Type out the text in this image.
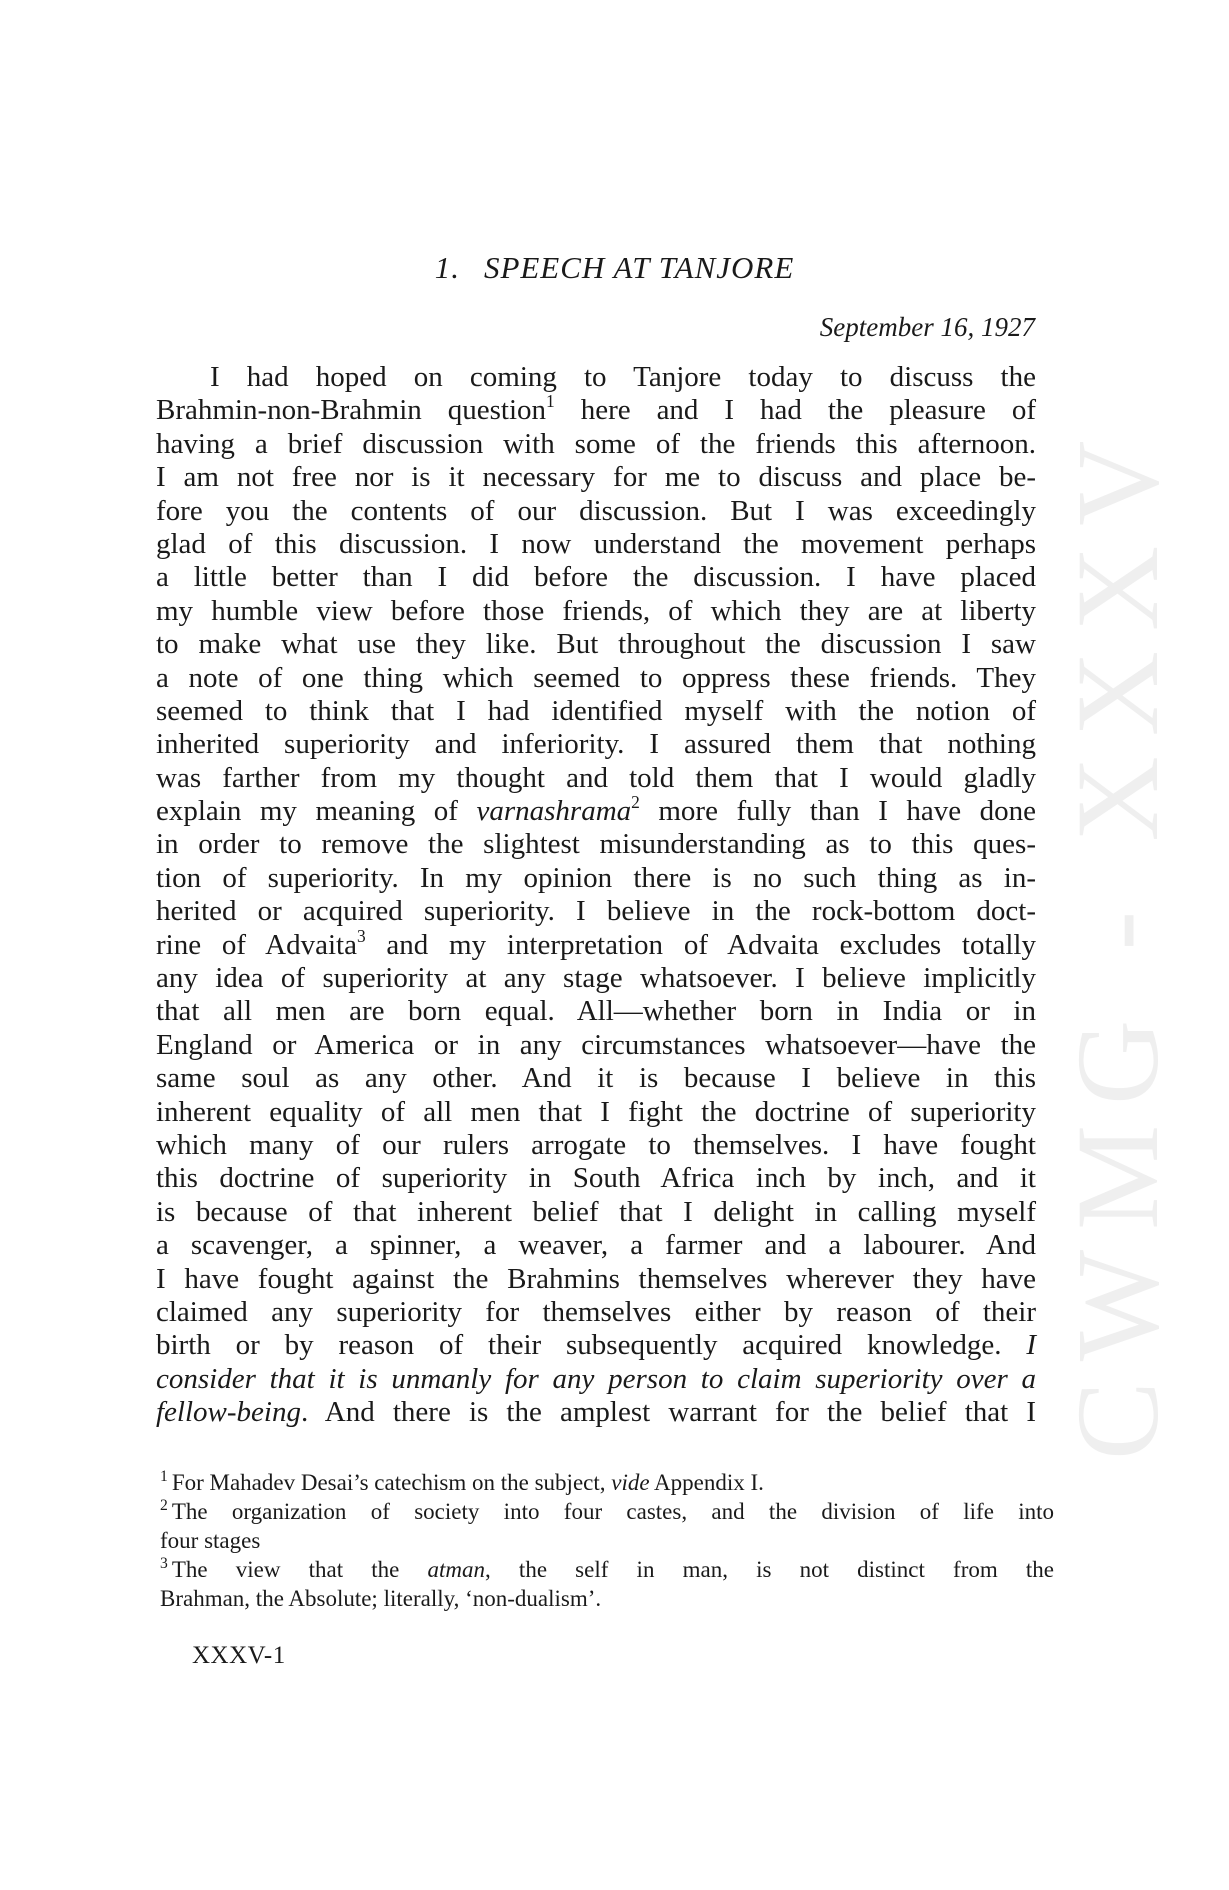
CWMG - XXXV
1. SPEECH AT TANJORE
September 16, 1927
I had hoped on coming to Tanjore today to discuss the
Brahmin-non-Brahmin question$^1$ here and I had the pleasure of
having a brief discussion with some of the friends this afternoon.
I am not free nor is it necessary for me to discuss and place be-
fore you the contents of our discussion. But I was exceedingly
glad of this discussion. I now understand the movement perhaps
a little better than I did before the discussion. I have placed
my humble view before those friends, of which they are at liberty
to make what use they like. But throughout the discussion I saw
a note of one thing which seemed to oppress these friends. They
seemed to think that I had identified myself with the notion of
inherited superiority and inferiority. I assured them that nothing
was farther from my thought and told them that I would gladly
explain my meaning of varnashrama$^2$ more fully than I have done
in order to remove the slightest misunderstanding as to this ques-
tion of superiority. In my opinion there is no such thing as in-
herited or acquired superiority. I believe in the rock-bottom doct-
rine of Advaita$^3$ and my interpretation of Advaita excludes totally
any idea of superiority at any stage whatsoever. I believe implicitly
that all men are born equal. All—whether born in India or in
England or America or in any circumstances whatsoever—have the
same soul as any other. And it is because I believe in this
inherent equality of all men that I fight the doctrine of superiority
which many of our rulers arrogate to themselves. I have fought
this doctrine of superiority in South Africa inch by inch, and it
is because of that inherent belief that I delight in calling myself
a scavenger, a spinner, a weaver, a farmer and a labourer. And
I have fought against the Brahmins themselves wherever they have
claimed any superiority for themselves either by reason of their
birth or by reason of their subsequently acquired knowledge. I
consider that it is unmanly for any person to claim superiority over a
fellow-being. And there is the amplest warrant for the belief that I
$^1$ For Mahadev Desai’s catechism on the subject, vide Appendix I.
$^2$ The organization of society into four castes, and the division of life into
four stages
$^3$ The view that the atman, the self in man, is not distinct from the
Brahman, the Absolute; literally, ‘non-dualism’.
XXXV-1
